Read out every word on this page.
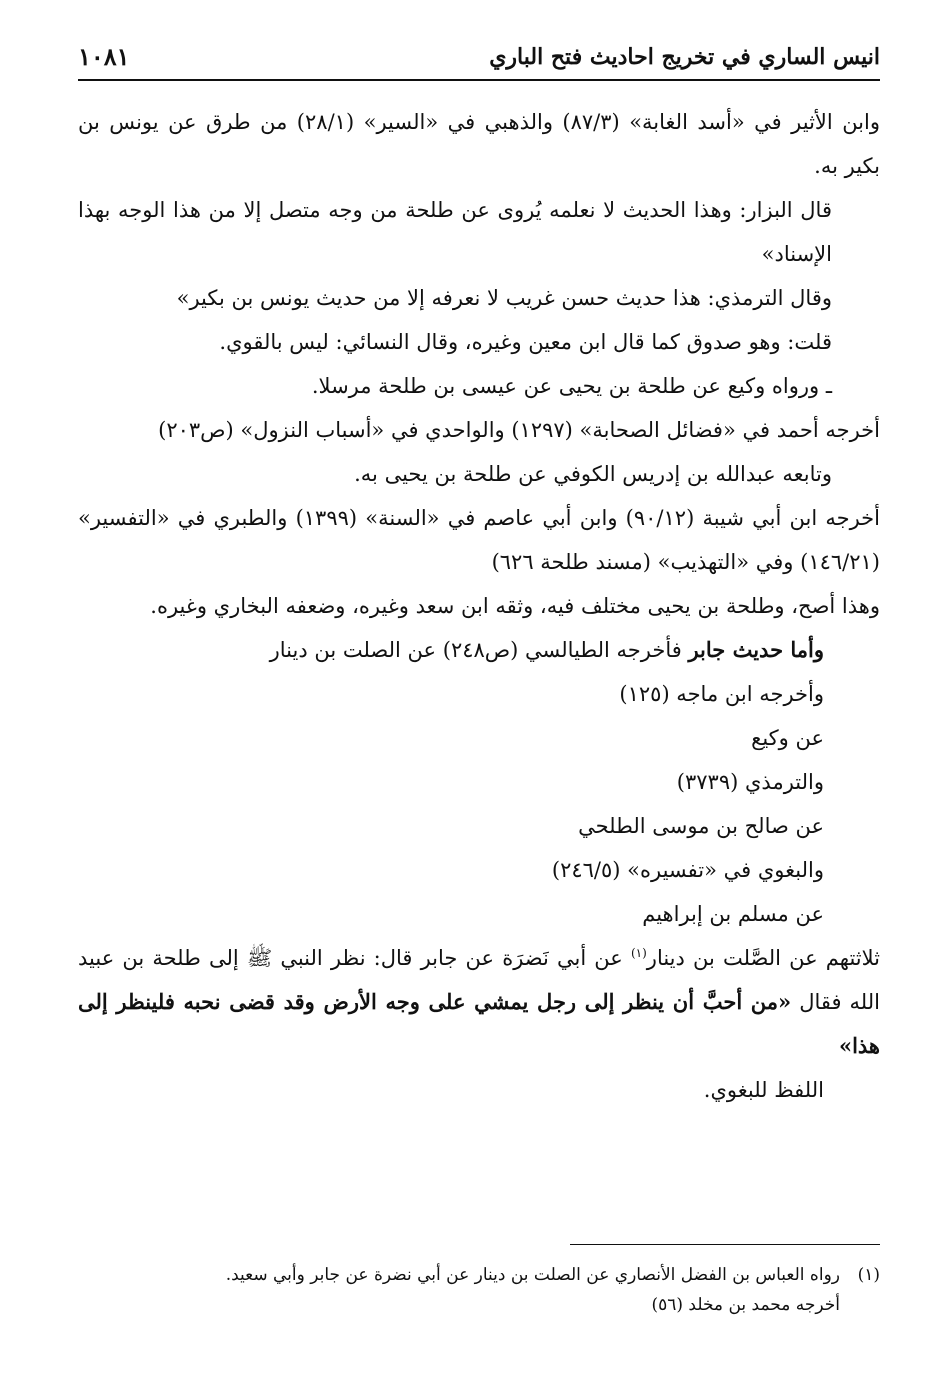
انيس الساري في تخريج احاديث فتح الباري
١٠٨١

وابن الأثير في «أسد الغابة» (٨٧/٣) والذهبي في «السير» (٢٨/١) من طرق عن يونس بن بكير به.

قال البزار: وهذا الحديث لا نعلمه يُروى عن طلحة من وجه متصل إلا من هذا الوجه بهذا الإسناد»

وقال الترمذي: هذا حديث حسن غريب لا نعرفه إلا من حديث يونس بن بكير»

قلت: وهو صدوق كما قال ابن معين وغيره، وقال النسائي: ليس بالقوي.

ـ ورواه وكيع عن طلحة بن يحيى عن عيسى بن طلحة مرسلا.

أخرجه أحمد في «فضائل الصحابة» (١٢٩٧) والواحدي في «أسباب النزول» (ص٢٠٣)

وتابعه عبدالله بن إدريس الكوفي عن طلحة بن يحيى به.

أخرجه ابن أبي شيبة (٩٠/١٢) وابن أبي عاصم في «السنة» (١٣٩٩) والطبري في «التفسير» (١٤٦/٢١) وفي «التهذيب» (مسند طلحة ٦٢٦)

وهذا أصح، وطلحة بن يحيى مختلف فيه، وثقه ابن سعد وغيره، وضعفه البخاري وغيره.

وأما حديث جابر فأخرجه الطيالسي (ص٢٤٨) عن الصلت بن دينار

وأخرجه ابن ماجه (١٢٥)

عن وكيع

والترمذي (٣٧٣٩)

عن صالح بن موسى الطلحي

والبغوي في «تفسيره» (٢٤٦/٥)

عن مسلم بن إبراهيم

ثلاثتهم عن الصَّلت بن دينار$^{(١)}$ عن أبي نَضرَة عن جابر قال: نظر النبي ﷺ إلى طلحة بن عبيد الله فقال «من أحبَّ أن ينظر إلى رجل يمشي على وجه الأرض وقد قضى نحبه فلينظر إلى هذا»

اللفظ للبغوي.

(١)
رواه العباس بن الفضل الأنصاري عن الصلت بن دينار عن أبي نضرة عن جابر وأبي سعيد.
أخرجه محمد بن مخلد (٥٦)
